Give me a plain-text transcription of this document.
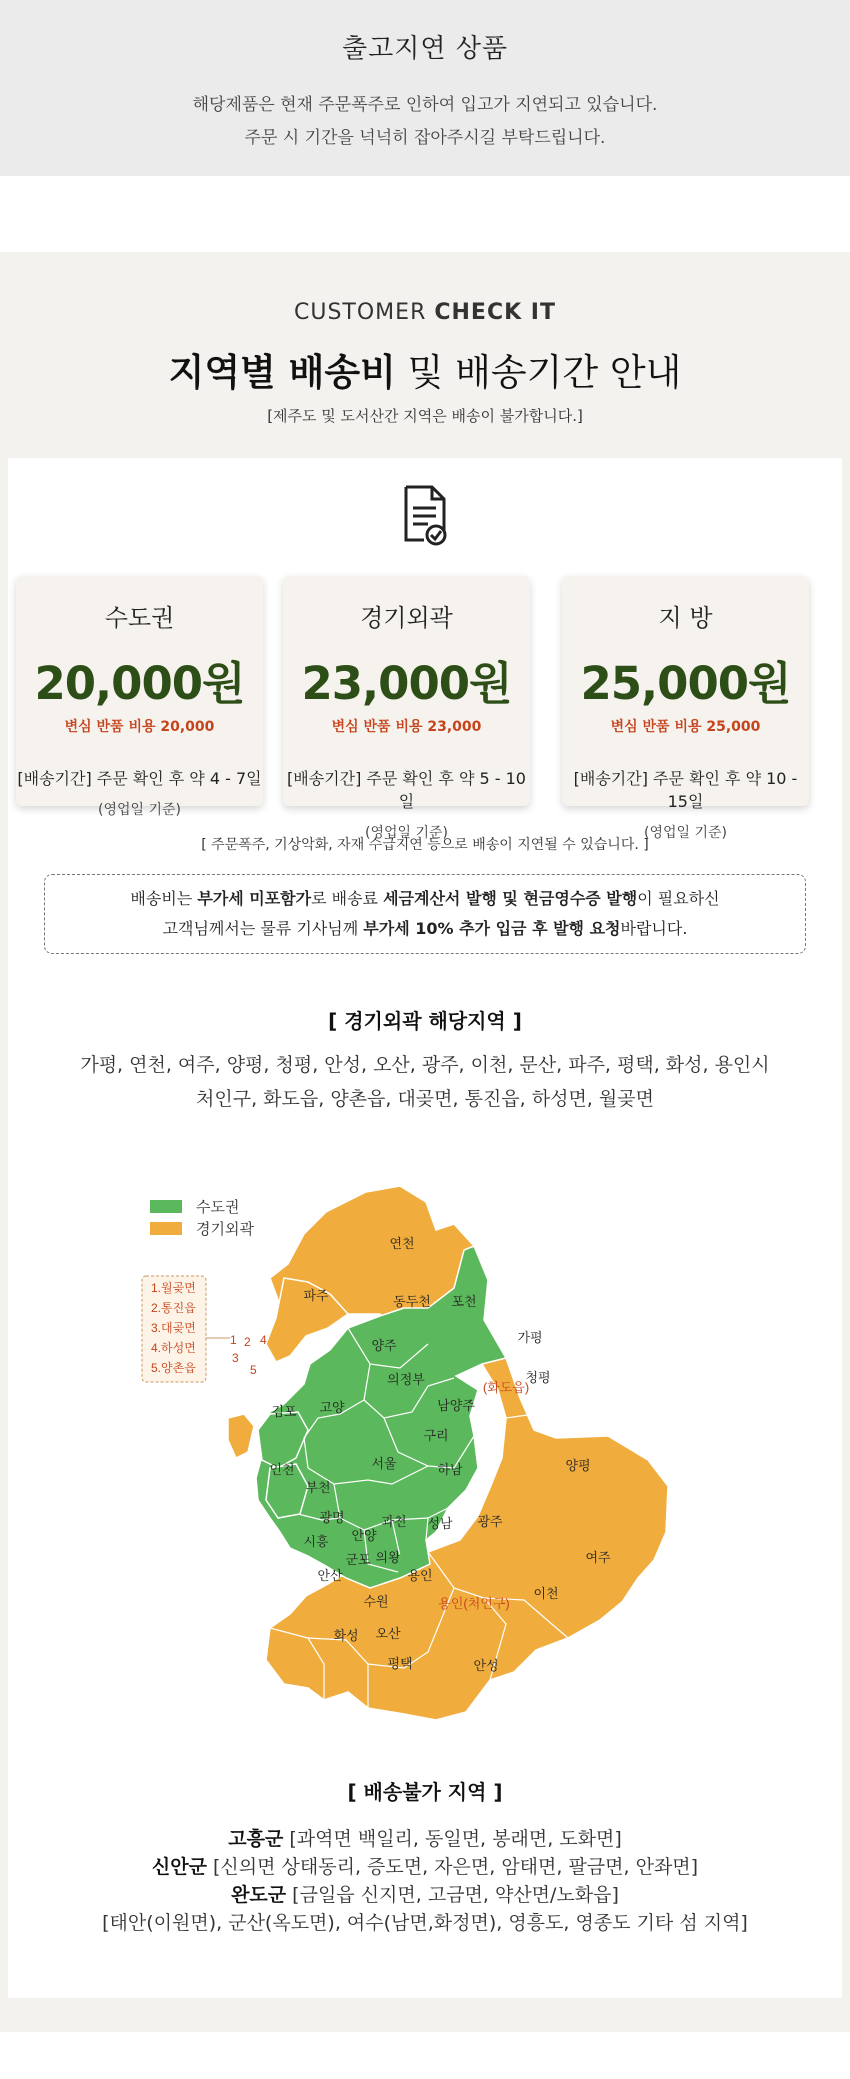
출고지연 상품

해당제품은 현재 주문폭주로 인하여 입고가 지연되고 있습니다.

주문 시 기간을 넉넉히 잡아주시길 부탁드립니다.

CUSTOMER CHECK IT
지역별 배송비 및 배송기간 안내
[제주도 및 도서산간 지역은 배송이 불가합니다.]
수도권
20,000원
변심 반품 비용 20,000
[배송기간] 주문 확인 후 약 4 - 7일
(영업일 기준)
경기외곽
23,000원
변심 반품 비용 23,000
[배송기간] 주문 확인 후 약 5 - 10일
(영업일 기준)
지 방
25,000원
변심 반품 비용 25,000
[배송기간] 주문 확인 후 약 10 - 15일
(영업일 기준)
[ 주문폭주, 기상악화, 자재 수급지연 등으로 배송이 지연될 수 있습니다. ]
배송비는 부가세 미포함가로 배송료 세금계산서 발행 및 현금영수증 발행이 필요하신
고객님께서는 물류 기사님께 부가세 10% 추가 입금 후 발행 요청바랍니다.
[ 경기외곽 해당지역 ]
가평, 연천, 여주, 양평, 청평, 안성, 오산, 광주, 이천, 문산, 파주, 평택, 화성, 용인시 처인구, 화도읍, 양촌읍, 대곶면, 통진읍, 하성면, 월곶면
수도권
경기외곽
1.월곶면
2.통진읍
3.대곶면
4.하성면
5.양촌읍
1 2 4
3
5
연천
파주	동두천 포천
가평
양주
의정부	청평
남양주
(화도읍)
김포 고양
구리
양평
인천	서울	하남
부천
광명	과천 성남 광주
시흥 안양
여주
군포 의왕
안산	용인
이천
수원	용인(처인구)
화성 오산
평택	안성
[ 배송불가 지역 ]
고흥군 [과역면 백일리, 동일면, 봉래면, 도화면]
신안군 [신의면 상태동리, 증도면, 자은면, 암태면, 팔금면, 안좌면]
완도군 [금일읍 신지면, 고금면, 약산면/노화읍]
[태안(이원면), 군산(옥도면), 여수(남면,화정면), 영흥도, 영종도 기타 섬 지역]
